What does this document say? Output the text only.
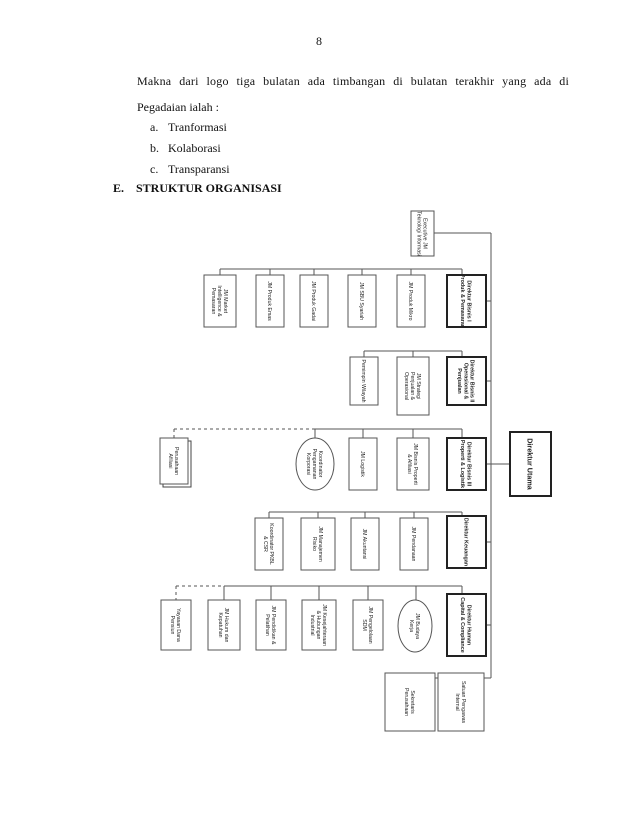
8
Makna dari logo tiga bulatan ada timbangan di bulatan terakhir yang ada di
Pegadaian ialah :
a. Tranformasi
b. Kolaborasi
c. Transparansi
E. STRUKTUR ORGANISASI
Executive JMTeknologi Informasi
Direktur Utama
Direktur Bisnis IProduk & Pemasaran
Direktur Bisnis IIOperasional &Penjualan
Direktur Bisnis IIIProperti & Logistik
Direktur Keuangan
Direktur HumanCapital & Compliance
JM MarketIntelligence &Pemasaran	JM Produk Emas	JM Produk Gadai	JM SBU Syariah	JM Produk Mikro
Pemimpin Wilayah	JM StrategiPenjualan &Operasional
PerusahaanAfiliasi	KoordinatorPengamananKorporasi	JM Logistik	JM Bisnis Properti& Afiliasi
Koordinator PKBL& CSR	JM ManajemenRisiko	JM Akuntansi	JM Pendanaan
Yayasan DanaPensiun	JM Hukum danKepatuhan	JM Pendidikan &Pelatihan	JM Kesejahteraan& HubunganIndustrial	JM PengelolaanSDM	JM BudayaKerja
SekretarisPerusahaan	Satuan PengawasInternal
